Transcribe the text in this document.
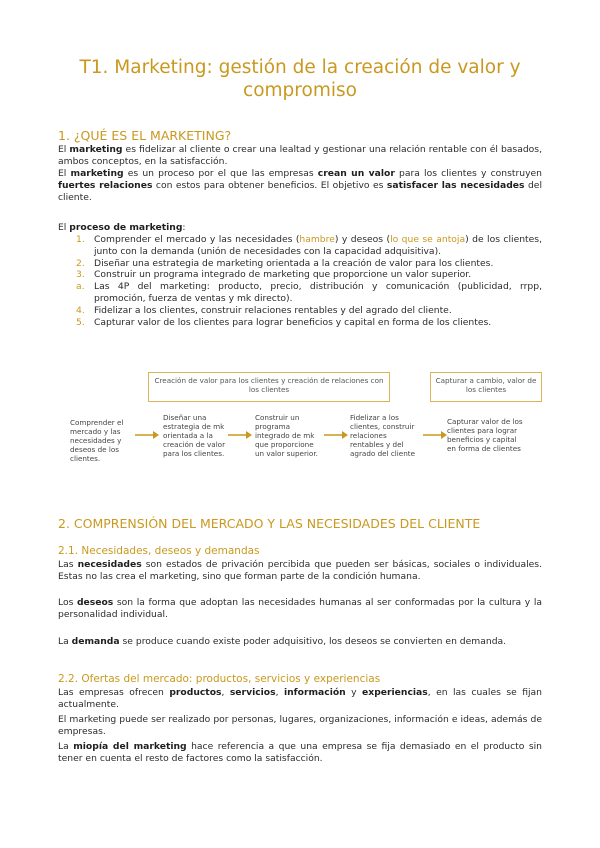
T1. Marketing: gestión de la creación de valor y compromiso
1. ¿QUÉ ES EL MARKETING?

El marketing es fidelizar al cliente o crear una lealtad y gestionar una relación rentable con él basados, ambos conceptos, en la satisfacción.

El marketing es un proceso por el que las empresas crean un valor para los clientes y construyen fuertes relaciones con estos para obtener beneficios. El objetivo es satisfacer las necesidades del cliente.

El proceso de marketing:

1. Comprender el mercado y las necesidades (hambre) y deseos (lo que se antoja) de los clientes, junto con la demanda (unión de necesidades con la capacidad adquisitiva).
2. Diseñar una estrategia de marketing orientada a la creación de valor para los clientes.
3. Construir un programa integrado de marketing que proporcione un valor superior.
a. Las 4P del marketing: producto, precio, distribución y comunicación (publicidad, rrpp, promoción, fuerza de ventas y mk directo).
4. Fidelizar a los clientes, construir relaciones rentables y del agrado del cliente.
5. Capturar valor de los clientes para lograr beneficios y capital en forma de los clientes.
Creación de valor para los clientes y creación de relaciones con los clientes
Capturar a cambio, valor de los clientes
Comprender el mercado y las necesidades y deseos de los clientes.
Diseñar una estrategia de mk orientada a la creación de valor para los clientes.
Construir un programa integrado de mk que proporcione un valor superior.
Fidelizar a los clientes, construir relaciones rentables y del agrado del cliente
Capturar valor de los clientes para lograr beneficios y capital en forma de clientes
2. COMPRENSIÓN DEL MERCADO Y LAS NECESIDADES DEL CLIENTE
2.1. Necesidades, deseos y demandas

Las necesidades son estados de privación percibida que pueden ser básicas, sociales o individuales. Estas no las crea el marketing, sino que forman parte de la condición humana.

Los deseos son la forma que adoptan las necesidades humanas al ser conformadas por la cultura y la personalidad individual.

La demanda se produce cuando existe poder adquisitivo, los deseos se convierten en demanda.

2.2. Ofertas del mercado: productos, servicios y experiencias

Las empresas ofrecen productos, servicios, información y experiencias, en las cuales se fijan actualmente.

El marketing puede ser realizado por personas, lugares, organizaciones, información e ideas, además de empresas.

La miopía del marketing hace referencia a que una empresa se fija demasiado en el producto sin tener en cuenta el resto de factores como la satisfacción.
